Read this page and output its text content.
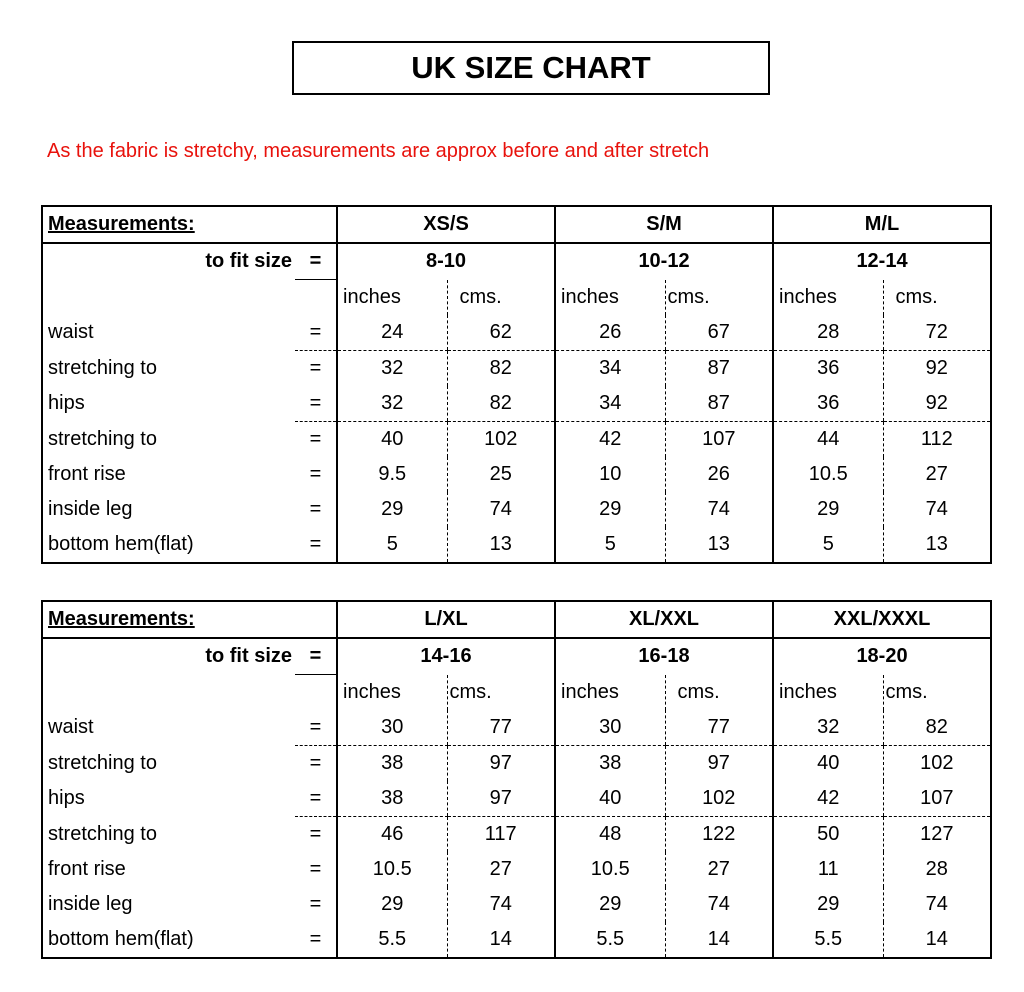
UK SIZE CHART
As the fabric is stretchy, measurements are approx before and after stretch
Measurements:		XS/S		S/M		M/L	
to fit size	=	8-10		10-12		12-14	
		inches	cms.	inches	cms.	inches	cms.
waist	=	24	62	26	67	28	72
stretching to	=	32	82	34	87	36	92
hips	=	32	82	34	87	36	92
stretching to	=	40	102	42	107	44	112
front rise	=	9.5	25	10	26	10.5	27
inside leg	=	29	74	29	74	29	74
bottom hem(flat)	=	5	13	5	13	5	13
Measurements:		L/XL		XL/XXL		XXL/XXXL	
to fit size	=	14-16		16-18		18-20	
		inches	cms.	inches	cms.	inches	cms.
waist	=	30	77	30	77	32	82
stretching to	=	38	97	38	97	40	102
hips	=	38	97	40	102	42	107
stretching to	=	46	117	48	122	50	127
front rise	=	10.5	27	10.5	27	11	28
inside leg	=	29	74	29	74	29	74
bottom hem(flat)	=	5.5	14	5.5	14	5.5	14
